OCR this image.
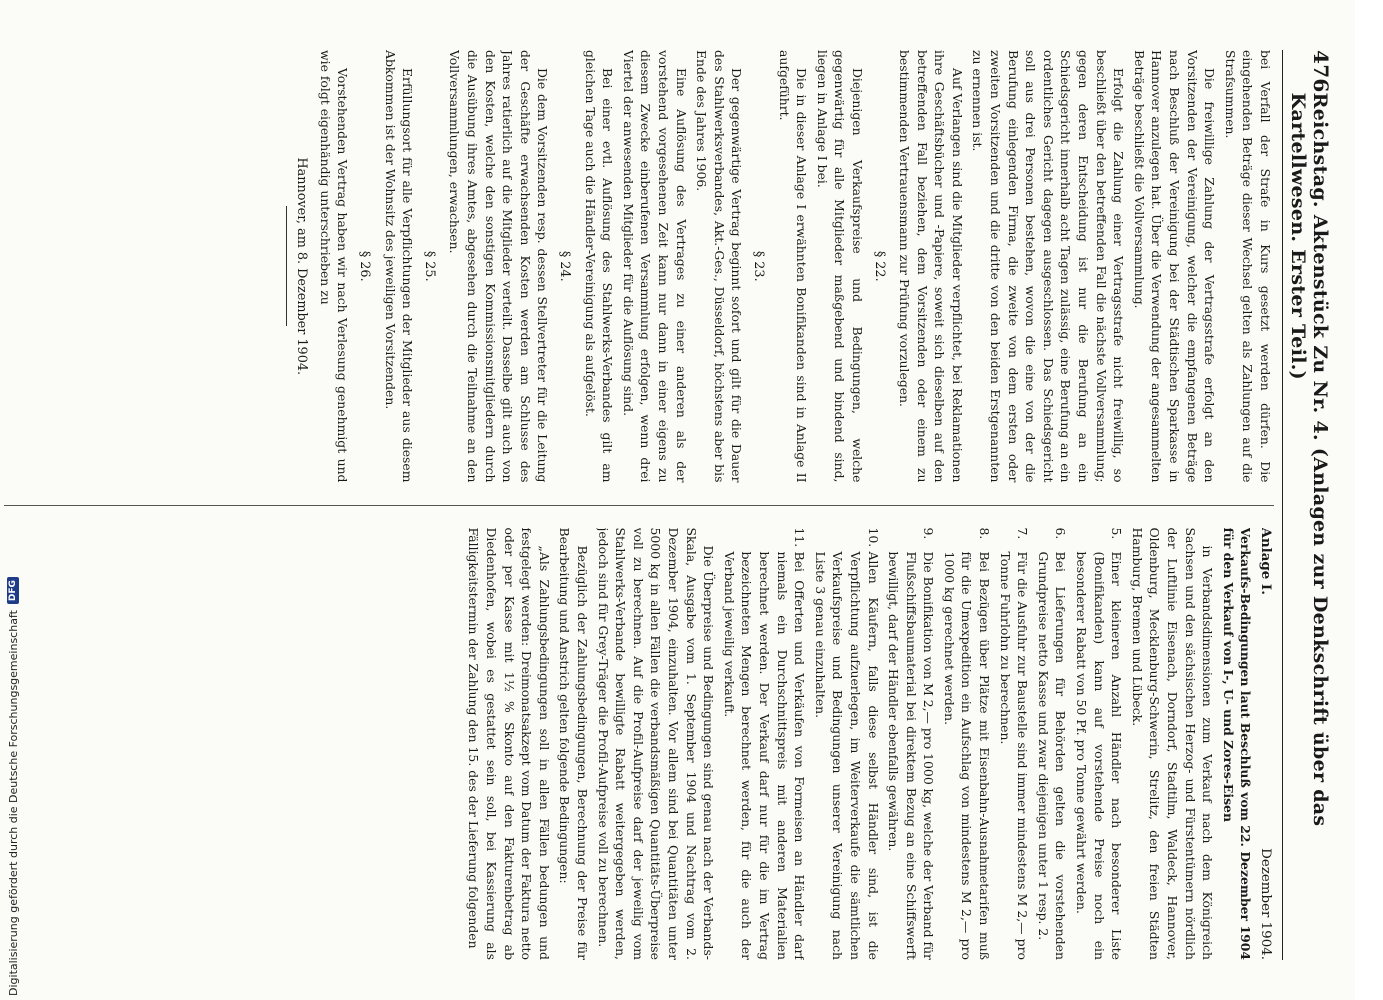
476
Reichstag. Aktenstück Zu Nr. 4. (Anlagen zur Denkschrift über das Kartellwesen. Erster Teil.)

bei Verfall der Strafe in Kurs gesetzt werden dürfen. Die eingehenden Beträge dieser Wechsel gelten als Zahlungen auf die Strafsummen.

Die freiwillige Zahlung der Vertragsstrafe erfolgt an den Vorsitzenden der Vereinigung, welcher die empfangenen Beträge nach Beschluß der Vereinigung bei der Städtischen Sparkasse in Hannover anzulegen hat. Über die Verwendung der angesammelten Beträge beschließt die Vollversammlung.

Erfolgt die Zahlung einer Vertragsstrafe nicht freiwillig, so beschließt über den betreffenden Fall die nächste Vollversammlung; gegen deren Entscheidung ist nur die Berufung an ein Schiedsgericht innerhalb acht Tagen zulässig, eine Berufung an ein ordentliches Gericht dagegen ausgeschlossen. Das Schiedsgericht soll aus drei Personen bestehen, wovon die eine von der die Berufung einlegenden Firma, die zweite von dem ersten oder zweiten Vorsitzenden und die dritte von den beiden Erstgenannten zu ernennen ist.

Auf Verlangen sind die Mitglieder verpflichtet, bei Reklamationen ihre Geschäftsbücher und -Papiere, soweit sich dieselben auf den betreffenden Fall beziehen, dem Vorsitzenden oder einem zu bestimmenden Vertrauensmann zur Prüfung vorzulegen.

§ 22.

Diejenigen Verkaufspreise und Bedingungen, welche gegenwärtig für alle Mitglieder maßgebend und bindend sind, liegen in Anlage I bei.

Die in dieser Anlage I erwähnten Bonifikanden sind in Anlage II aufgeführt.

§ 23.

Der gegenwärtige Vertrag beginnt sofort und gilt für die Dauer des Stahlwerksverbandes, Akt.-Ges., Düsseldorf, höchstens aber bis Ende des Jahres 1906.

Eine Auflösung des Vertrages zu einer anderen als der vorstehend vorgesehenen Zeit kann nur dann in einer eigens zu diesem Zwecke einberufenen Versammlung erfolgen, wenn drei Viertel der anwesenden Mitglieder für die Auflösung sind.

Bei einer evtl. Auflösung des Stahlwerks-Verbandes gilt am gleichen Tage auch die Händler-Vereinigung als aufgelöst.

§ 24.

Die dem Vorsitzenden resp. dessen Stellvertreter für die Leitung der Geschäfte erwachsenden Kosten werden am Schlusse des Jahres ratierlich auf die Mitglieder verteilt. Dasselbe gilt auch von den Kosten, welche den sonstigen Kommissionsmitgliedern durch die Ausübung ihres Amtes, abgesehen durch die Teilnahme an den Vollversammlungen, erwachsen.

§ 25.

Erfüllungsort für alle Verpflichtungen der Mitglieder aus diesem Abkommen ist der Wohnsitz des jeweiligen Vorsitzenden.

§ 26.

Vorstehenden Vertrag haben wir nach Verlesung genehmigt und wie folgt eigenhändig unterschrieben zu

Hannover, am 8. Dezember 1904.
Anlage I.
Dezember 1904.

Verkaufs-Bedingungen laut Beschluß vom 22. Dezember 1904 für den Verkauf von I-, U- und Zores-Eisen

in Verbandsdimensionen zum Verkauf nach dem Königreich Sachsen und den sächsischen Herzog- und Fürstentümern nördlich der Luftlinie Eisenach, Dorndorf, Stadtilm, Waldeck, Hannover, Oldenburg, Mecklenburg-Schwerin, Strelitz, den freien Städten Hamburg, Bremen und Lübeck.

5.
Einer kleineren Anzahl Händler nach besonderer Liste (Bonifikanden) kann auf vorstehende Preise noch ein besonderer Rabatt von 50 Pf. pro Tonne gewährt werden.
6.
Bei Lieferungen für Behörden gelten die vorstehenden Grundpreise netto Kasse und zwar diejenigen unter 1 resp. 2.
7.
Für die Ausfuhr zur Baustelle sind immer mindestens M 2,— pro Tonne Fuhrlohn zu berechnen.
8.
Bei Bezügen über Plätze mit Eisenbahn-Ausnahmetarifen muß für die Umexpedition ein Aufschlag von mindestens M 2,— pro 1000 kg gerechnet werden.
9.
Die Bonifikation von M 2,— pro 1000 kg, welche der Verband für Flußschiffsbaumaterial bei direktem Bezug an eine Schiffswerft bewilligt, darf der Händler ebenfalls gewähren.
10.
Allen Käufern, falls diese selbst Händler sind, ist die Verpflichtung aufzuerlegen, im Weiterverkaufe die sämtlichen Verkaufspreise und Bedingungen unserer Vereinigung nach Liste 3 genau einzuhalten.
11.
Bei Offerten und Verkäufen von Formeisen an Händler darf niemals ein Durchschnittspreis mit anderen Materialien berechnet werden. Der Verkauf darf nur für die im Vertrag bezeichneten Mengen berechnet werden, für die auch der Verband jeweilig verkauft.

Die Überpreise und Bedingungen sind genau nach der Verbands-Skala, Ausgabe vom 1. September 1904 und Nachtrag vom 2. Dezember 1904, einzuhalten. Vor allem sind bei Quantitäten unter 5000 kg in allen Fällen die verbandsmäßigen Quantitäts-Überpreise voll zu berechnen. Auf die Profil-Aufpreise darf der jeweilig vom Stahlwerks-Verbande bewilligte Rabatt weitergegeben werden, jedoch sind für Grey-Träger die Profil-Aufpreise voll zu berechnen.

Bezüglich der Zahlungsbedingungen, Berechnung der Preise für Bearbeitung und Anstrich gelten folgende Bedingungen:

„Als Zahlungsbedingungen soll in allen Fällen bedungen und festgelegt werden: Dreimonatsakzept vom Datum der Faktura netto oder per Kasse mit 1½ % Skonto auf den Fakturenbetrag ab Diedenhofen, wobei es gestattet sein soll, bei Kassierung als Fälligkeitstermin der Zahlung den 15. des der Lieferung folgenden

Digitalisierung gefördert durch die Deutsche Forschungsgemeinschaft
DFG
